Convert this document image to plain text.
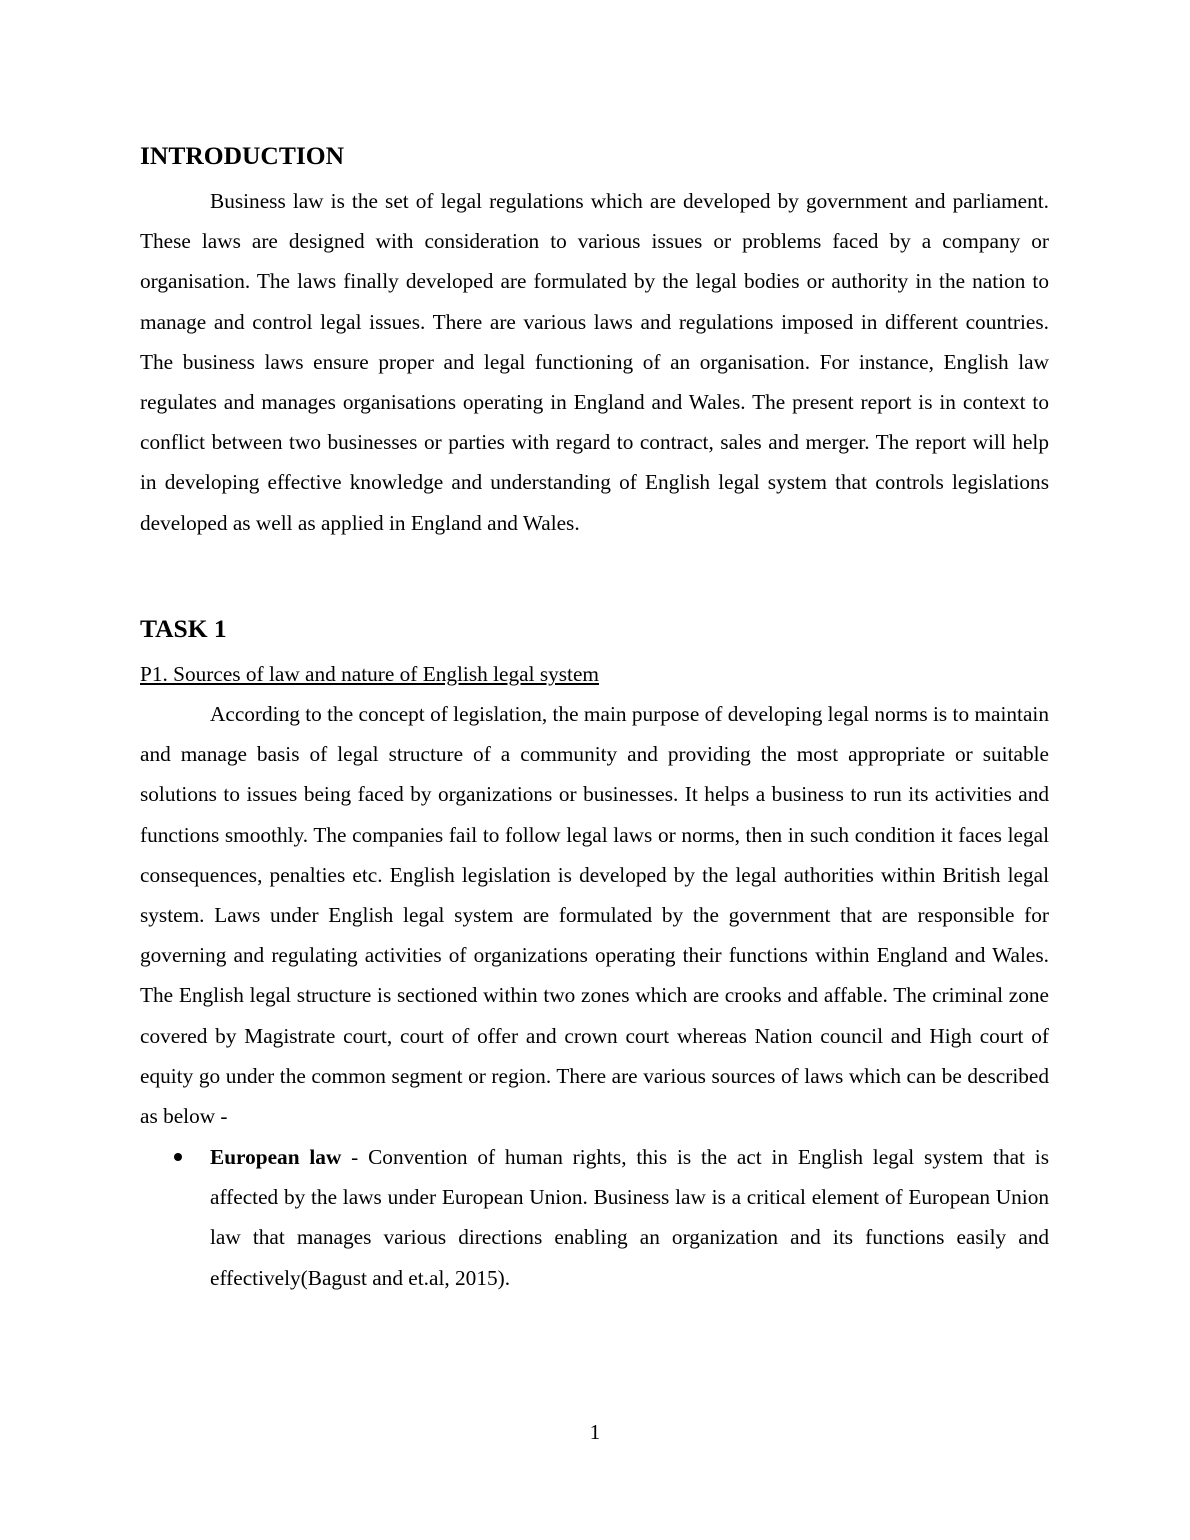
INTRODUCTION

Business law is the set of legal regulations which are developed by government and parliament. These laws are designed with consideration to various issues or problems faced by a company or organisation. The laws finally developed are formulated by the legal bodies or authority in the nation to manage and control legal issues. There are various laws and regulations imposed in different countries. The business laws ensure proper and legal functioning of an organisation. For instance, English law regulates and manages organisations operating in England and Wales. The present report is in context to conflict between two businesses or parties with regard to contract, sales and merger. The report will help in developing effective knowledge and understanding of English legal system that controls legislations developed as well as applied in England and Wales.

TASK 1

P1. Sources of law and nature of English legal system

According to the concept of legislation, the main purpose of developing legal norms is to maintain and manage basis of legal structure of a community and providing the most appropriate or suitable solutions to issues being faced by organizations or businesses. It helps a business to run its activities and functions smoothly. The companies fail to follow legal laws or norms, then in such condition it faces legal consequences, penalties etc. English legislation is developed by the legal authorities within British legal system. Laws under English legal system are formulated by the government that are responsible for governing and regulating activities of organizations operating their functions within England and Wales. The English legal structure is sectioned within two zones which are crooks and affable. The criminal zone covered by Magistrate court, court of offer and crown court whereas Nation council and High court of equity go under the common segment or region. There are various sources of laws which can be described as below -

European law - Convention of human rights, this is the act in English legal system that is affected by the laws under European Union. Business law is a critical element of European Union law that manages various directions enabling an organization and its functions easily and effectively(Bagust and et.al, 2015).
1
